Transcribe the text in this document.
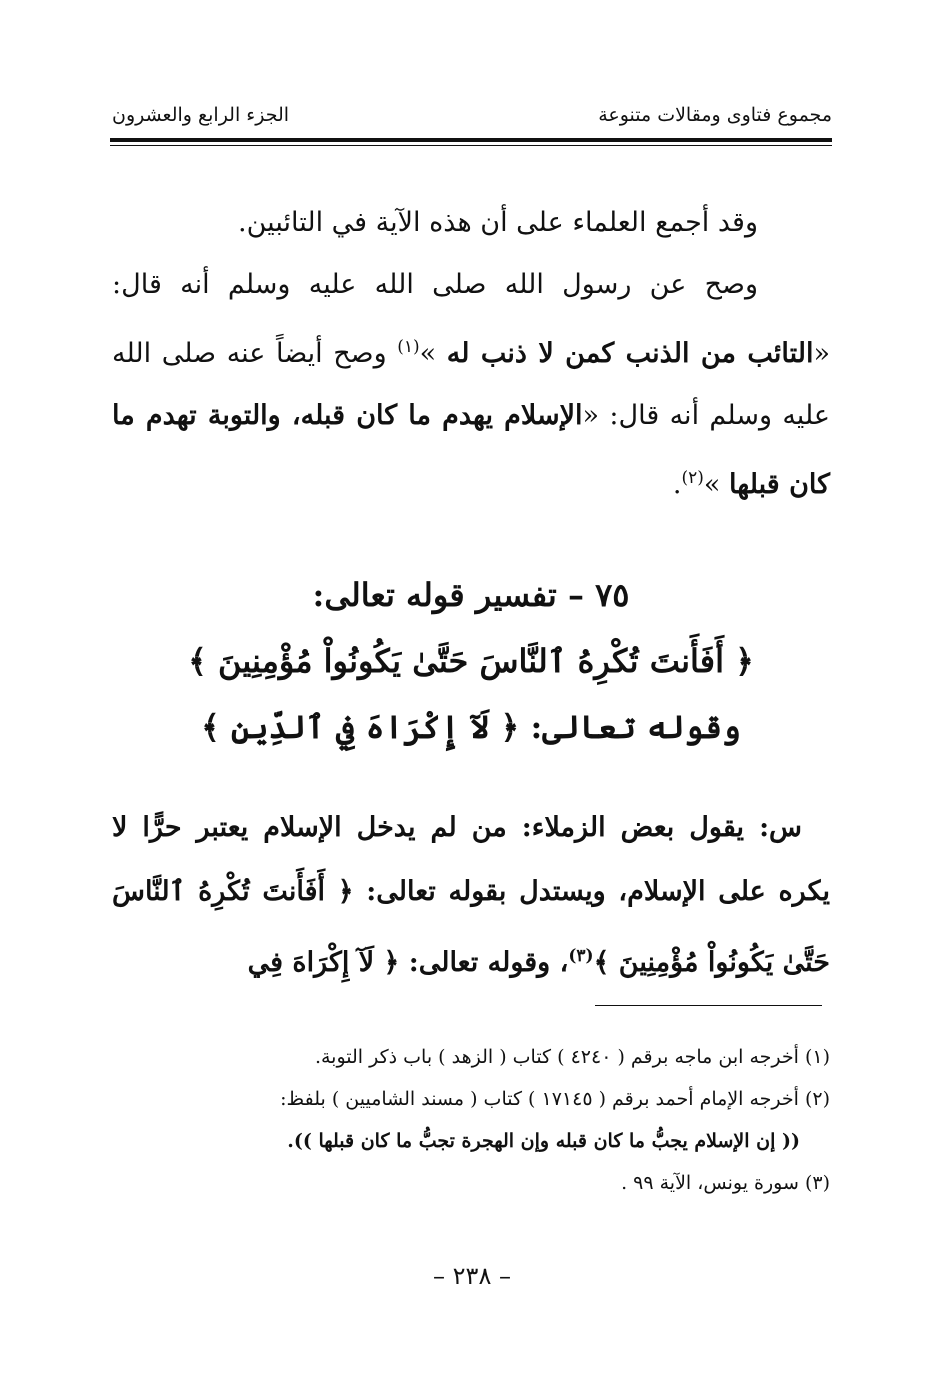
مجموع فتاوى ومقالات متنوعة
الجزء الرابع والعشرون

وقد أجمع العلماء على أن هذه الآية في التائبين.

وصح عن رسول الله صلى الله عليه وسلم أنه قال: «التائب من الذنب كمن لا ذنب له »$^{(١)}$ وصح أيضاً عنه صلى الله عليه وسلم أنه قال: «الإسلام يهدم ما كان قبله، والتوبة تهدم ما كان قبلها »$^{(٢)}$.

٧٥ – تفسير قوله تعالى:
﴿ أَفَأَنتَ تُكْرِهُ ٱلنَّاسَ حَتَّىٰ يَكُونُواْ مُؤْمِنِينَ ﴾
وقوله تعالى: ﴿ لَآ إِكْرَاهَ فِي ٱلدِّينِ ﴾

س: يقول بعض الزملاء: من لم يدخل الإسلام يعتبر حرًّا لا يكره على الإسلام، ويستدل بقوله تعالى: ﴿ أَفَأَنتَ تُكْرِهُ ٱلنَّاسَ حَتَّىٰ يَكُونُواْ مُؤْمِنِينَ ﴾$^{(٣)}$، وقوله تعالى: ﴿ لَآ إِكْرَاهَ فِي

(١) أخرجه ابن ماجه برقم ( ٤٢٤٠ ) كتاب ( الزهد ) باب ذكر التوبة.

(٢) أخرجه الإمام أحمد برقم ( ١٧١٤٥ ) كتاب ( مسند الشاميين ) بلفظ:

(( إن الإسلام يجبُّ ما كان قبله وإن الهجرة تجبُّ ما كان قبلها )).

(٣) سورة يونس، الآية ٩٩ .

– ٢٣٨ –
